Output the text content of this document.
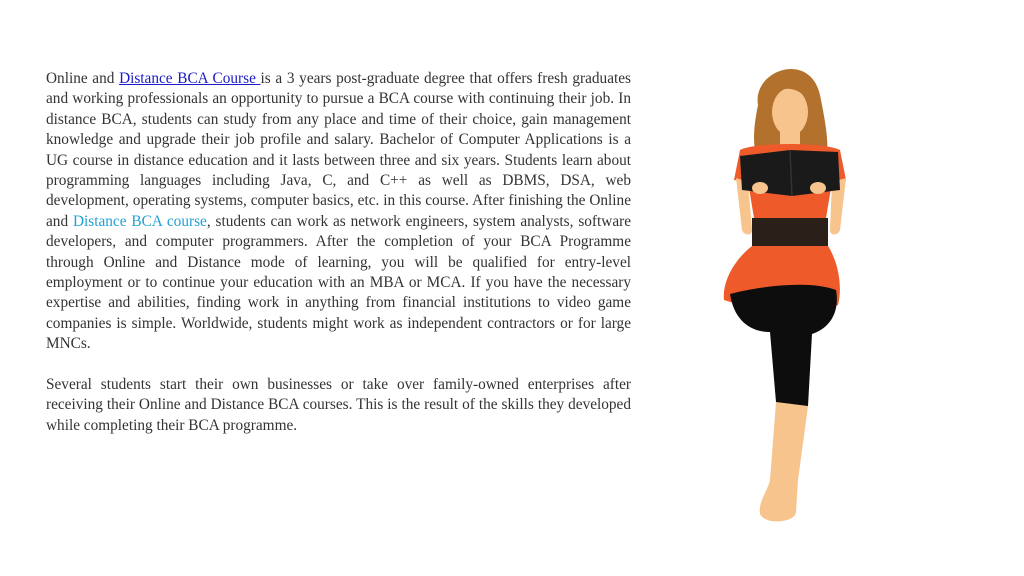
Online and Distance BCA Course is a 3 years post-graduate degree that offers fresh graduates and working professionals an opportunity to pursue a BCA course with continuing their job. In distance BCA, students can study from any place and time of their choice, gain management knowledge and upgrade their job profile and salary. Bachelor of Computer Applications is a UG course in distance education and it lasts between three and six years. Students learn about programming languages including Java, C, and C++ as well as DBMS, DSA, web development, operating systems, computer basics, etc. in this course. After finishing the Online and Distance BCA course, students can work as network engineers, system analysts, software developers, and computer programmers. After the completion of your BCA Programme through Online and Distance mode of learning, you will be qualified for entry-level employment or to continue your education with an MBA or MCA. If you have the necessary expertise and abilities, finding work in anything from financial institutions to video game companies is simple. Worldwide, students might work as independent contractors or for large MNCs.

Several students start their own businesses or take over family-owned enterprises after receiving their Online and Distance BCA courses. This is the result of the skills they developed while completing their BCA programme.
